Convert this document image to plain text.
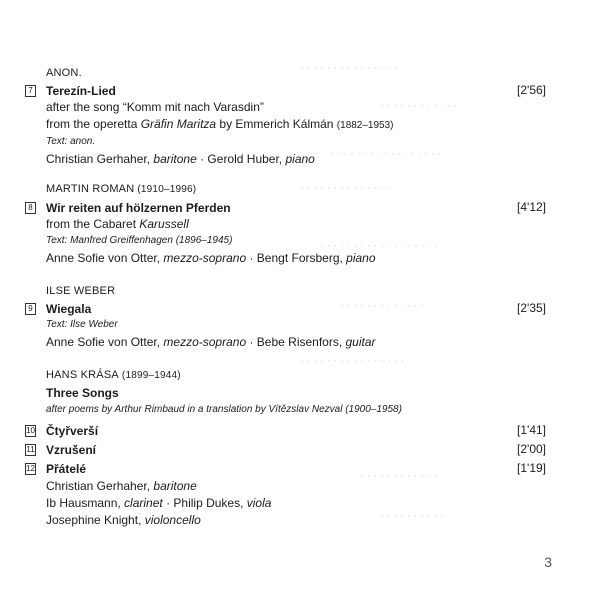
· · · · · · · · · · · · · · ·
· · · · · · · · · · · ·
· · · · · · · · · · · · · · · · ·
· · · · · · · · · · · · · ·
· · · · · · · · · · · · · · · · · ·
· · · · · · · · · · · · ·
· · · · · · · · · · · · · · · ·
· · · · · · · · · · · ·
· · · · · · · · · ·
ANON.
7 Terezín-Lied	[2'56]
after the song “Komm mit nach Varasdin”
from the operetta Gräfin Maritza by Emmerich Kálmán (1882–1953)
Text: anon.
Christian Gerhaher, baritone · Gerold Huber, piano
MARTIN ROMAN (1910–1996)
8 Wir reiten auf hölzernen Pferden	[4'12]
from the Cabaret Karussell
Text: Manfred Greiffenhagen (1896–1945)
Anne Sofie von Otter, mezzo-soprano · Bengt Forsberg, piano
ILSE WEBER
9 Wiegala	[2'35]
Text: Ilse Weber
Anne Sofie von Otter, mezzo-soprano · Bebe Risenfors, guitar
HANS KRÁSA (1899–1944)
Three Songs
after poems by Arthur Rimbaud in a translation by Vítězslav Nezval (1900–1958)
10 Čtyřverší	[1'41]
11 Vzrušení	[2'00]
12 Přátelé	[1'19]
Christian Gerhaher, baritone
Ib Hausmann, clarinet · Philip Dukes, viola
Josephine Knight, violoncello
3
